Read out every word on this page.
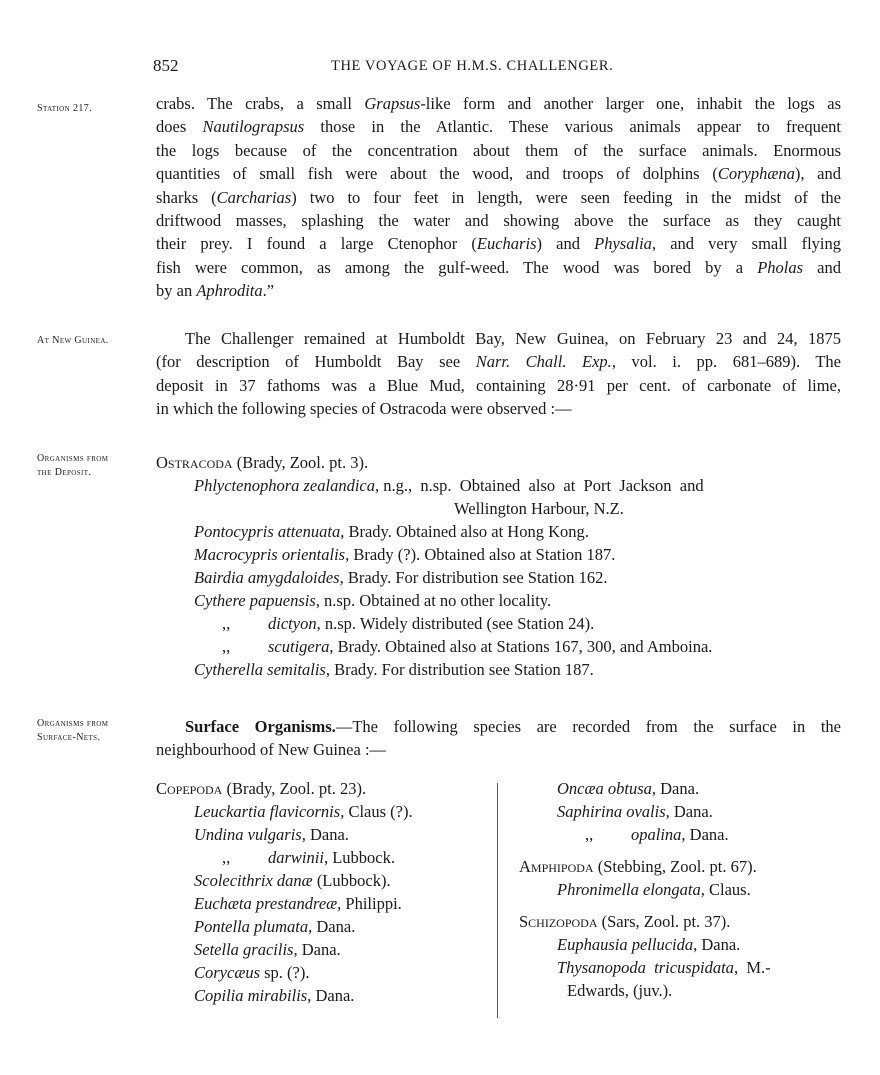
852	THE VOYAGE OF H.M.S. CHALLENGER.
Station 217.
At New Guinea.
Organisms from
the Deposit.
Organisms from
Surface-Nets.
crabs. The crabs, a small Grapsus-like form and another larger one, inhabit the logs as
does Nautilograpsus those in the Atlantic. These various animals appear to frequent
the logs because of the concentration about them of the surface animals. Enormous
quantities of small fish were about the wood, and troops of dolphins (Coryphæna), and
sharks (Carcharias) two to four feet in length, were seen feeding in the midst of the
driftwood masses, splashing the water and showing above the surface as they caught
their prey. I found a large Ctenophor (Eucharis) and Physalia, and very small flying
fish were common, as among the gulf-weed. The wood was bored by a Pholas and
by an Aphrodita.”
The Challenger remained at Humboldt Bay, New Guinea, on February 23 and 24, 1875
(for description of Humboldt Bay see Narr. Chall. Exp., vol. i. pp. 681–689). The
deposit in 37 fathoms was a Blue Mud, containing 28·91 per cent. of carbonate of lime,
in which the following species of Ostracoda were observed :—
Ostracoda (Brady, Zool. pt. 3).
Phlyctenophora zealandica, n.g.,  n.sp.  Obtained  also  at  Port  Jackson  and
Wellington Harbour, N.Z.
Pontocypris attenuata, Brady. Obtained also at Hong Kong.
Macrocypris orientalis, Brady (?). Obtained also at Station 187.
Bairdia amygdaloides, Brady. For distribution see Station 162.
Cythere papuensis, n.sp. Obtained at no other locality.
,, dictyon, n.sp. Widely distributed (see Station 24).
,, scutigera, Brady. Obtained also at Stations 167, 300, and Amboina.
Cytherella semitalis, Brady. For distribution see Station 187.
Surface Organisms.—The following species are recorded from the surface in the
neighbourhood of New Guinea :—
Copepoda (Brady, Zool. pt. 23).
Leuckartia flavicornis, Claus (?).
Undina vulgaris, Dana.
,, darwinii, Lubbock.
Scolecithrix danæ (Lubbock).
Euchæta prestandreæ, Philippi.
Pontella plumata, Dana.
Setella gracilis, Dana.
Corycæus sp. (?).
Copilia mirabilis, Dana.
Oncæa obtusa, Dana.
Saphirina ovalis, Dana.
,, opalina, Dana.
Amphipoda (Stebbing, Zool. pt. 67).
Phronimella elongata, Claus.
Schizopoda (Sars, Zool. pt. 37).
Euphausia pellucida, Dana.
Thysanopoda  tricuspidata,  M.-
Edwards, (juv.).
